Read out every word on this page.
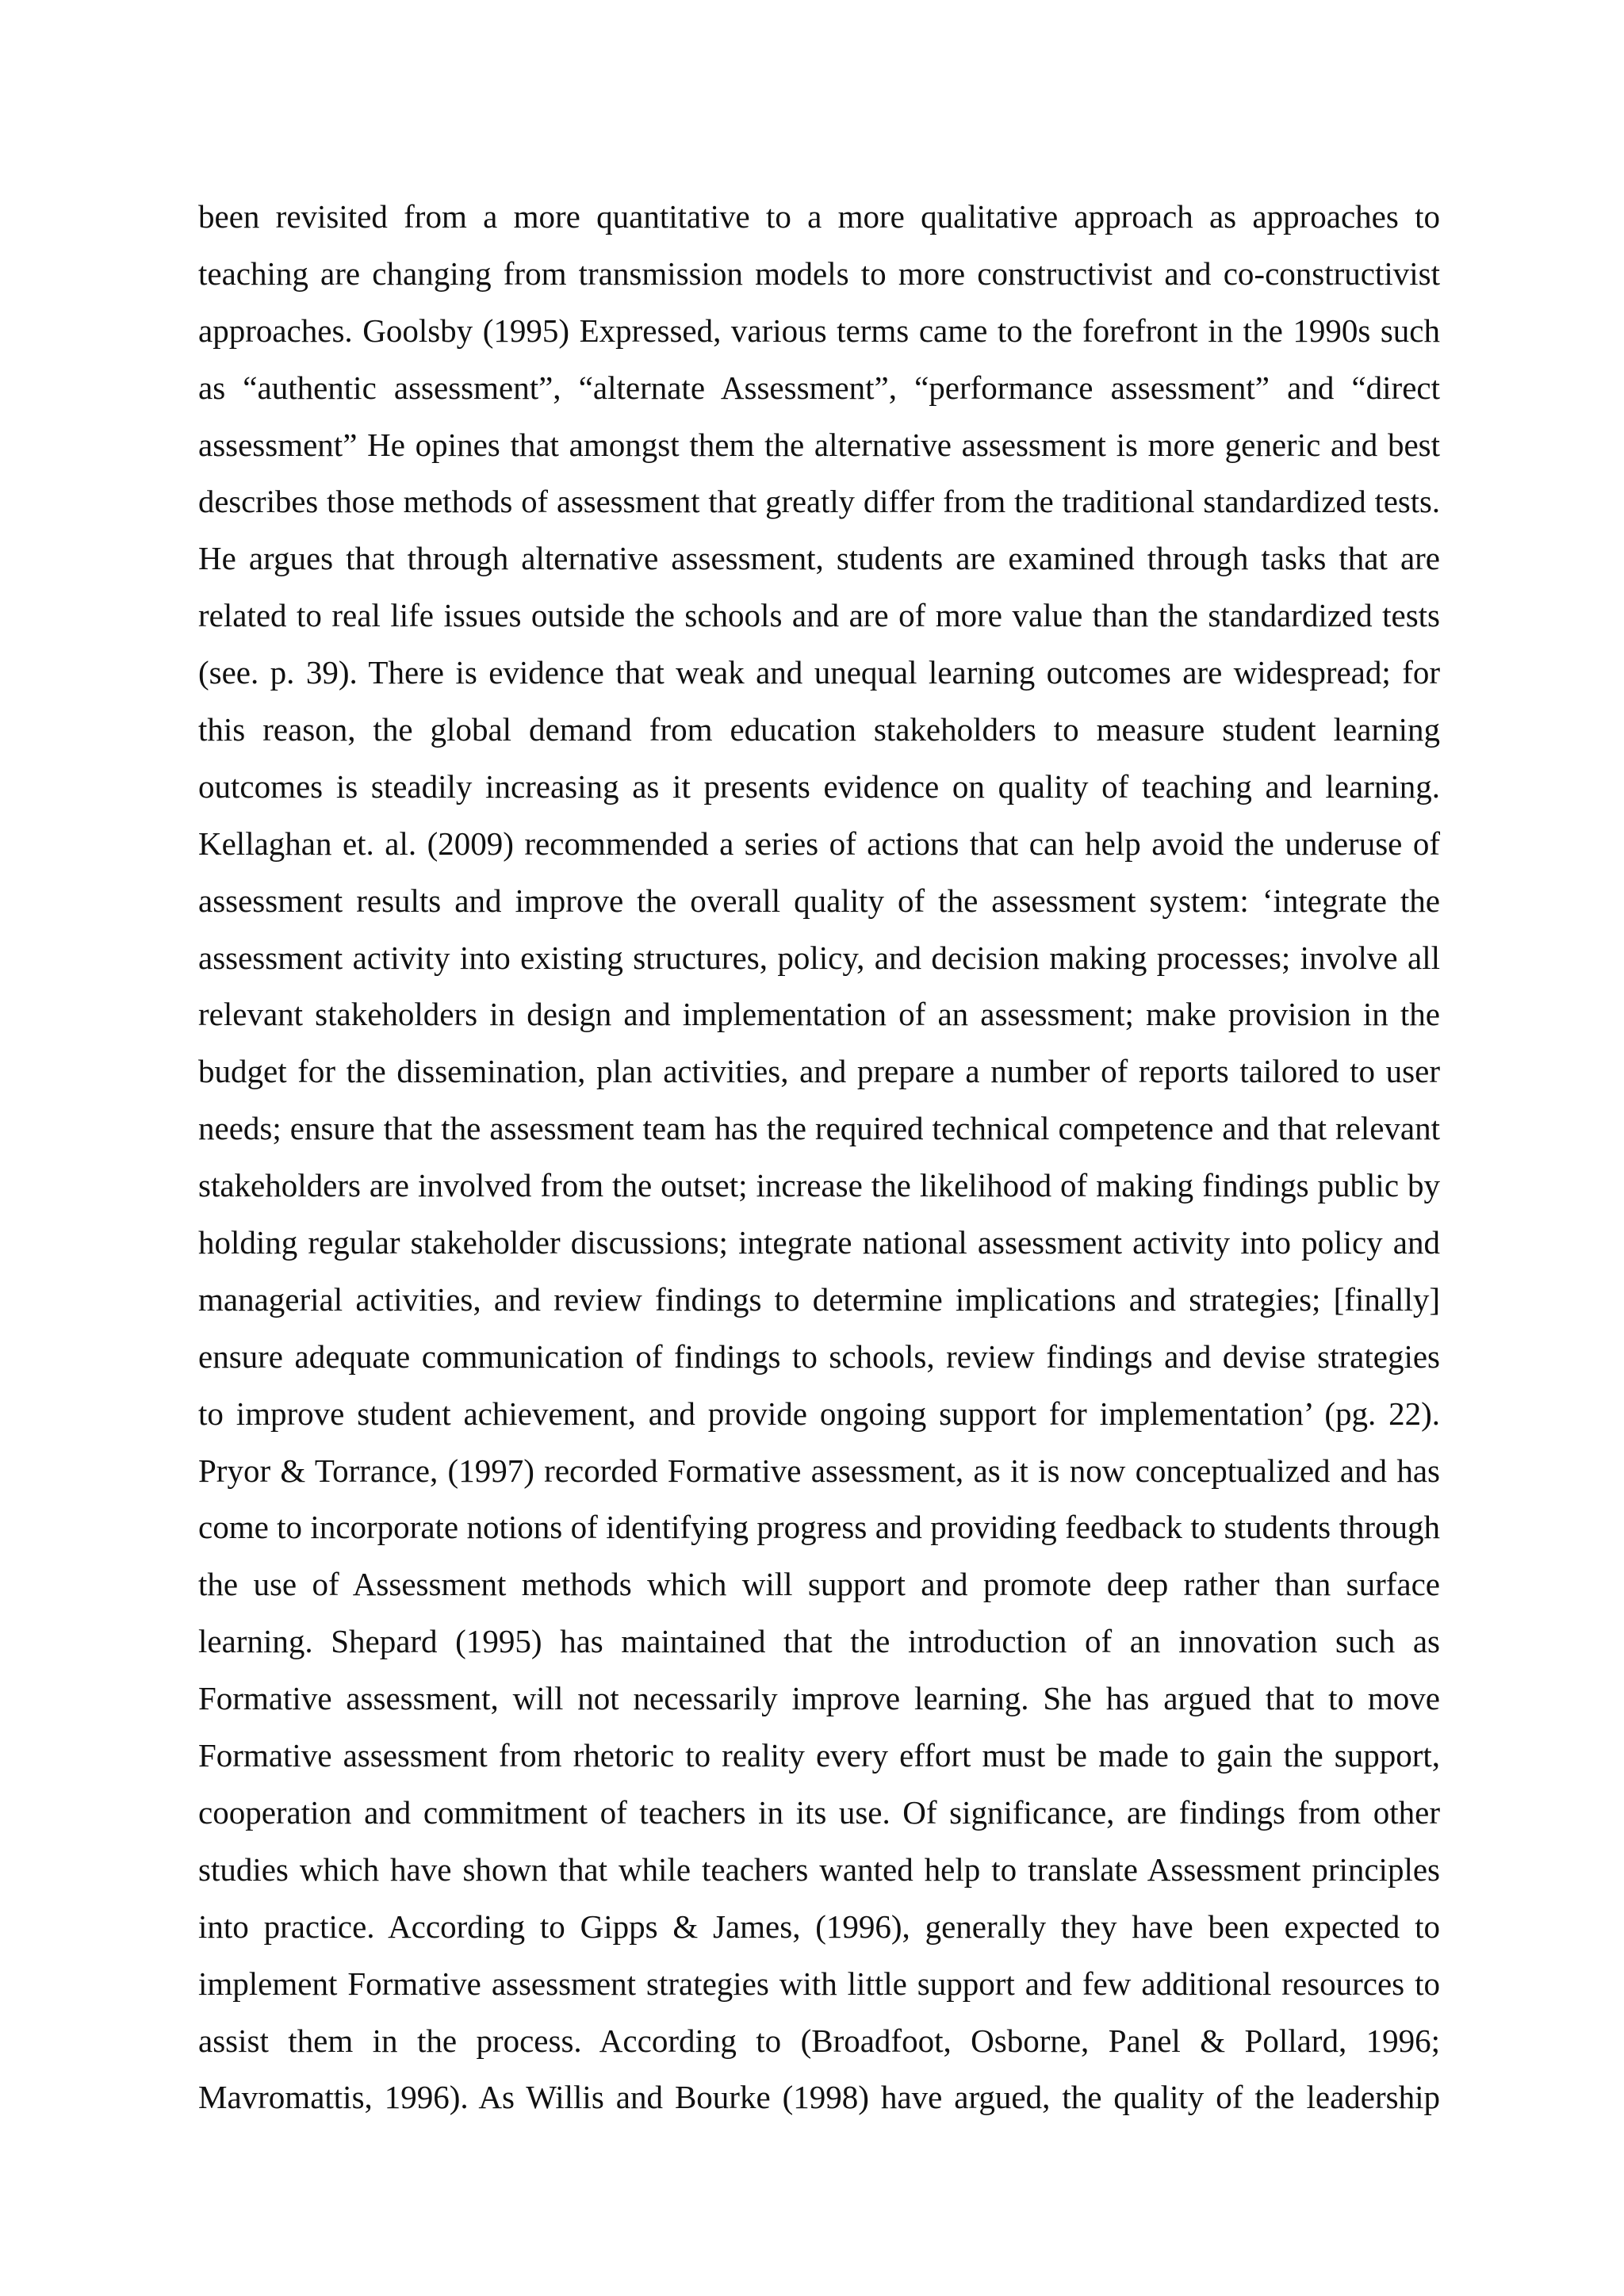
been revisited from a more quantitative to a more qualitative approach as approaches to
teaching are changing from transmission models to more constructivist and co-constructivist
approaches. Goolsby (1995) Expressed, various terms came to the forefront in the 1990s such
as “authentic assessment”, “alternate Assessment”, “performance assessment” and “direct
assessment” He opines that amongst them the alternative assessment is more generic and best
describes those methods of assessment that greatly differ from the traditional standardized tests.
He argues that through alternative assessment, students are examined through tasks that are
related to real life issues outside the schools and are of more value than the standardized tests
(see. p. 39). There is evidence that weak and unequal learning outcomes are widespread; for
this reason, the global demand from education stakeholders to measure student learning
outcomes is steadily increasing as it presents evidence on quality of teaching and learning.
Kellaghan et. al. (2009) recommended a series of actions that can help avoid the underuse of
assessment results and improve the overall quality of the assessment system: ‘integrate the
assessment activity into existing structures, policy, and decision making processes; involve all
relevant stakeholders in design and implementation of an assessment; make provision in the
budget for the dissemination, plan activities, and prepare a number of reports tailored to user
needs; ensure that the assessment team has the required technical competence and that relevant
stakeholders are involved from the outset; increase the likelihood of making findings public by
holding regular stakeholder discussions; integrate national assessment activity into policy and
managerial activities, and review findings to determine implications and strategies; [finally]
ensure adequate communication of findings to schools, review findings and devise strategies
to improve student achievement, and provide ongoing support for implementation’ (pg. 22).
Pryor & Torrance, (1997) recorded Formative assessment, as it is now conceptualized and has
come to incorporate notions of identifying progress and providing feedback to students through
the use of Assessment methods which will support and promote deep rather than surface
learning. Shepard (1995) has maintained that the introduction of an innovation such as
Formative assessment, will not necessarily improve learning. She has argued that to move
Formative assessment from rhetoric to reality every effort must be made to gain the support,
cooperation and commitment of teachers in its use. Of significance, are findings from other
studies which have shown that while teachers wanted help to translate Assessment principles
into practice. According to Gipps & James, (1996), generally they have been expected to
implement Formative assessment strategies with little support and few additional resources to
assist them in the process. According to (Broadfoot, Osborne, Panel & Pollard, 1996;
Mavromattis, 1996). As Willis and Bourke (1998) have argued, the quality of the leadership
